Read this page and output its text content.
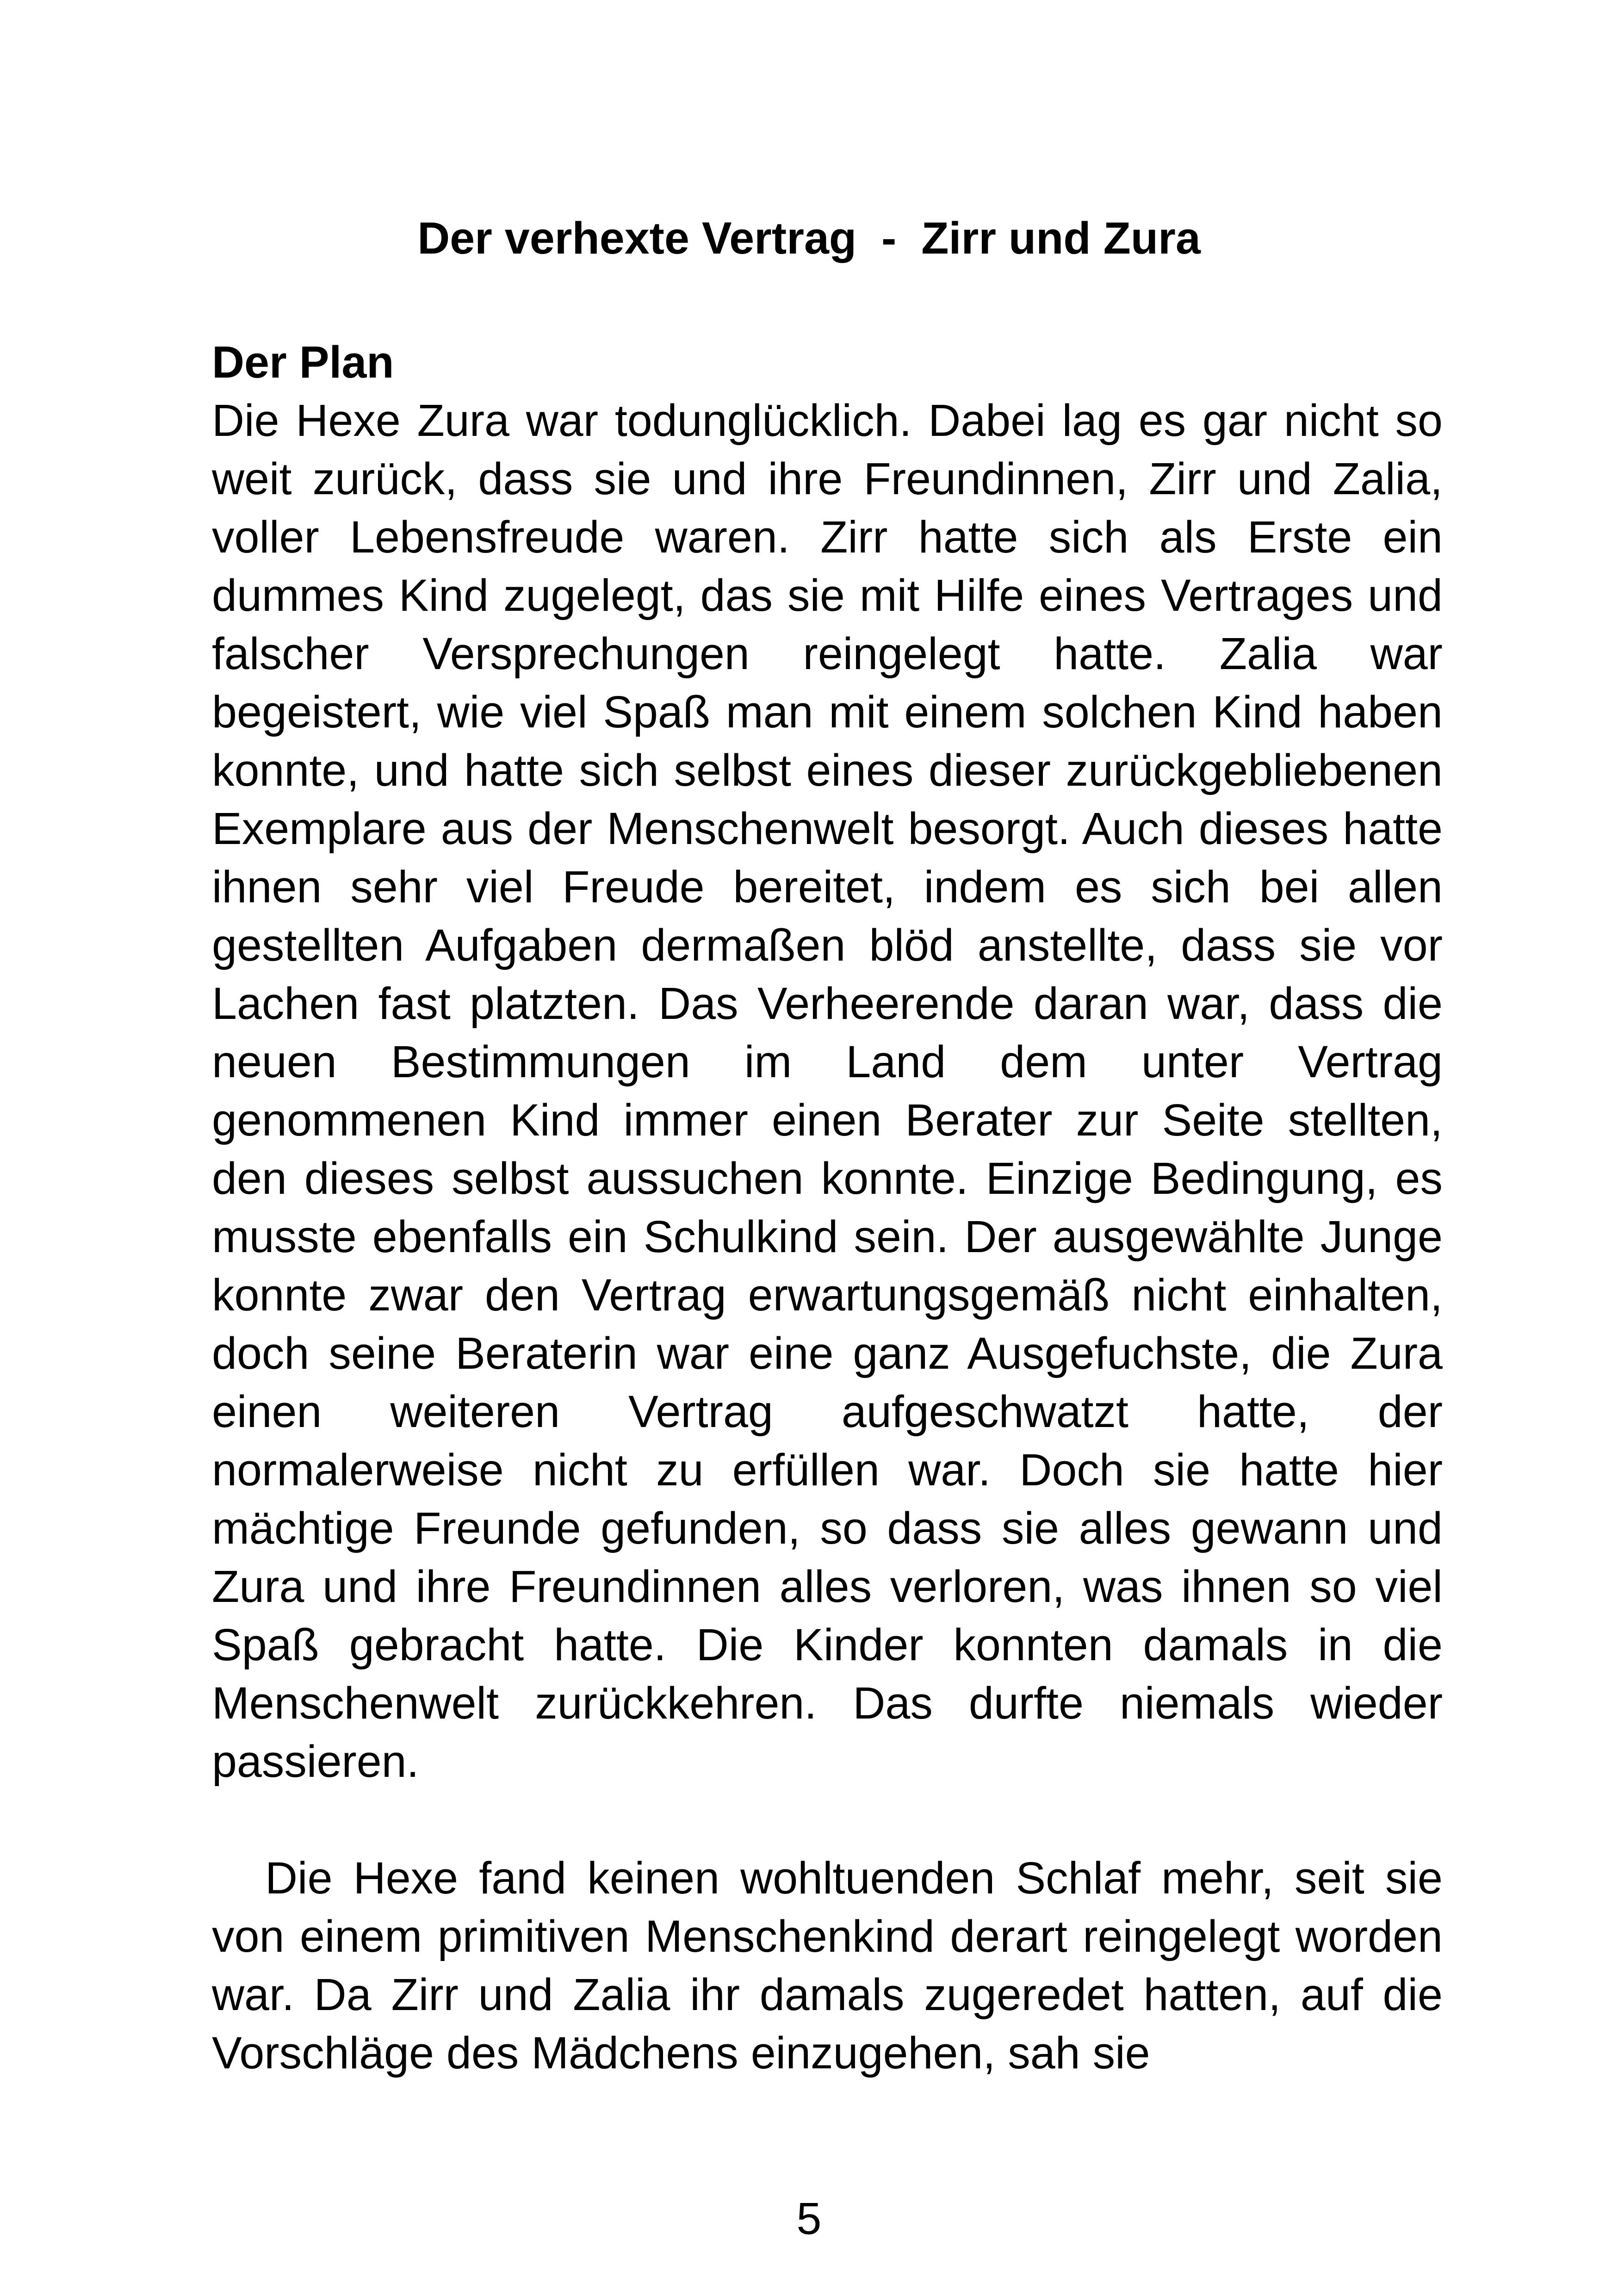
Der verhexte Vertrag  -  Zirr und Zura
Der Plan

Die Hexe Zura war todunglücklich. Dabei lag es gar nicht so weit zurück, dass sie und ihre Freundinnen, Zirr und Zalia, voller Lebensfreude waren. Zirr hatte sich als Erste ein dummes Kind zugelegt, das sie mit Hilfe eines Vertrages und falscher Versprechungen reingelegt hatte. Zalia war begeistert, wie viel Spaß man mit einem solchen Kind haben konnte, und hatte sich selbst eines dieser zurückgebliebenen Exemplare aus der Menschenwelt besorgt. Auch dieses hatte ihnen sehr viel Freude bereitet, indem es sich bei allen gestellten Aufgaben dermaßen blöd anstellte, dass sie vor Lachen fast platzten. Das Verheerende daran war, dass die neuen Bestimmungen im Land dem unter Vertrag genommenen Kind immer einen Berater zur Seite stellten, den dieses selbst aussuchen konnte. Einzige Bedingung, es musste ebenfalls ein Schulkind sein. Der ausgewählte Junge konnte zwar den Vertrag erwartungsgemäß nicht einhalten, doch seine Beraterin war eine ganz Ausgefuchste, die Zura einen weiteren Vertrag aufgeschwatzt hatte, der normalerweise nicht zu erfüllen war. Doch sie hatte hier mächtige Freunde gefunden, so dass sie alles gewann und Zura und ihre Freundinnen alles verloren, was ihnen so viel Spaß gebracht hatte. Die Kinder konnten damals in die Menschenwelt zurückkehren. Das durfte niemals wieder passieren.

Die Hexe fand keinen wohltuenden Schlaf mehr, seit sie von einem primitiven Menschenkind derart reingelegt worden war. Da Zirr und Zalia ihr damals zugeredet hatten, auf die Vorschläge des Mädchens einzugehen, sah sie

5
